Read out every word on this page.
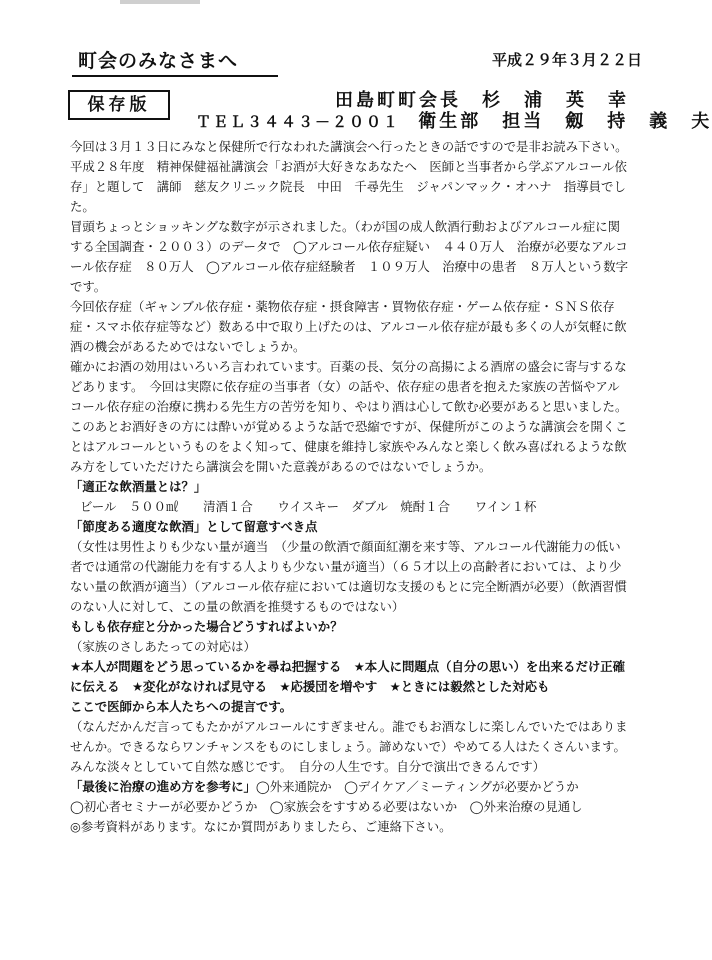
町会のみなさまへ	平成２９年３月２２日
保存版	田島町町会長　杉　浦　英　幸
ＴＥＬ３４４３－２００１ 衛生部　担当　劔　持　義　夫

今回は３月１３日にみなと保健所で行なわれた講演会へ行ったときの話ですので是非お読み下さい。

平成２８年度　精神保健福祉講演会「お酒が大好きなあなたへ　医師と当事者から学ぶアルコール依存」と題して　講師　慈友クリニック院長　中田　千尋先生　ジャパンマック・オハナ　指導員でした。

冒頭ちょっとショッキングな数字が示されました。（わが国の成人飲酒行動およびアルコール症に関する全国調査・２００３）のデータで　◯アルコール依存症疑い　４４０万人　治療が必要なアルコール依存症　８０万人　◯アルコール依存症経験者　１０９万人　治療中の患者　８万人という数字です。

今回依存症（ギャンブル依存症・薬物依存症・摂食障害・買物依存症・ゲーム依存症・ＳＮＳ依存症・スマホ依存症等など）数ある中で取り上げたのは、アルコール依存症が最も多くの人が気軽に飲酒の機会があるためではないでしょうか。

確かにお酒の効用はいろいろ言われています。百薬の長、気分の高揚による酒席の盛会に寄与するなどあります。　今回は実際に依存症の当事者（女）の話や、依存症の患者を抱えた家族の苦悩やアルコール依存症の治療に携わる先生方の苦労を知り、やはり酒は心して飲む必要があると思いました。

このあとお酒好きの方には酔いが覚めるような話で恐縮ですが、保健所がこのような講演会を開くことはアルコールというものをよく知って、健康を維持し家族やみんなと楽しく飲み喜ばれるような飲み方をしていただけたら講演会を開いた意義があるのではないでしょうか。

「適正な飲酒量とは？」

ビール　５００㎖　　清酒１合　　ウイスキー　ダブル　焼酎１合　　ワイン１杯

「節度ある適度な飲酒」として留意すべき点

（女性は男性よりも少ない量が適当　（少量の飲酒で顔面紅潮を来す等、アルコール代謝能力の低い者では通常の代謝能力を有する人よりも少ない量が適当）（６５才以上の高齢者においては、より少ない量の飲酒が適当）（アルコール依存症においては適切な支援のもとに完全断酒が必要）（飲酒習慣のない人に対して、この量の飲酒を推奨するものではない）

もしも依存症と分かった場合どうすればよいか？

（家族のさしあたっての対応は）

★本人が問題をどう思っているかを尋ね把握する　★本人に問題点（自分の思い）を出来るだけ正確に伝える　★変化がなければ見守る　★応援団を増やす　★ときには毅然とした対応も

ここで医師から本人たちへの提言です。

（なんだかんだ言ってもたかがアルコールにすぎません。誰でもお酒なしに楽しんでいたではありませんか。できるならワンチャンスをものにしましょう。諦めないで）やめてる人はたくさんいます。みんな淡々としていて自然な感じです。　自分の人生です。自分で演出できるんです）

「最後に治療の進め方を参考に」◯外来通院か　◯デイケア／ミーティングが必要かどうか

◯初心者セミナーが必要かどうか　◯家族会をすすめる必要はないか　◯外来治療の見通し

◎参考資料があります。なにか質問がありましたら、ご連絡下さい。
